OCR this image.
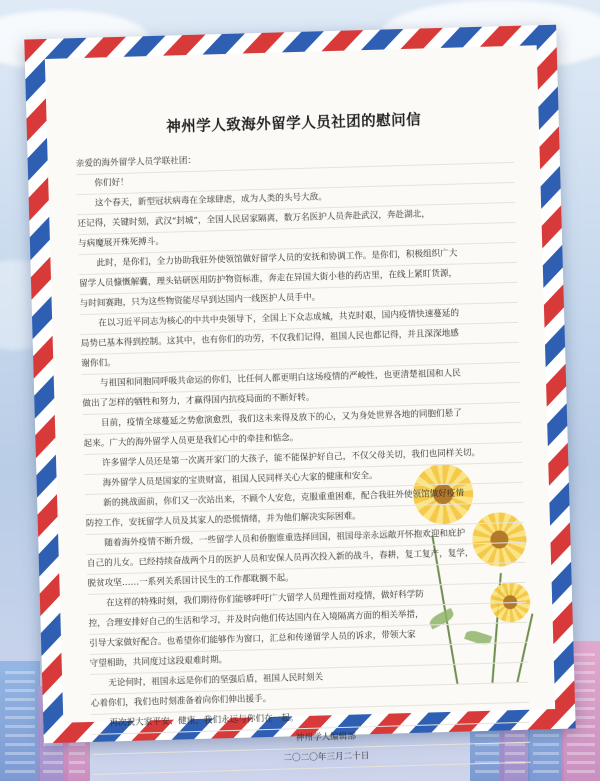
神州学人致海外留学人员社团的慰问信
亲爱的海外留学人员学联社团：
你们好！
这个春天，新型冠状病毒在全球肆虐，成为人类的头号大敌。
还记得，关键时刻，武汉“封城”，全国人民居家隔离，数万名医护人员奔赴武汉，奔赴湖北，
与病魔展开殊死搏斗。
此时，是你们，全力协助我驻外使领馆做好留学人员的安抚和协调工作。是你们，积极组织广大
留学人员慷慨解囊，理头钻研医用防护物资标准，奔走在异国大街小巷的药店里，在线上紧盯货源，
与时间赛跑，只为这些物资能尽早到达国内一线医护人员手中。
在以习近平同志为核心的中共中央领导下，全国上下众志成城，共克时艰，国内疫情快速蔓延的
局势已基本得到控制。这其中，也有你们的功劳，不仅我们记得，祖国人民也都记得，并且深深地感
谢你们。
与祖国和同胞同呼吸共命运的你们，比任何人都更明白这场疫情的严峻性，也更清楚祖国和人民
做出了怎样的牺牲和努力，才赢得国内抗疫局面的不断好转。
目前，疫情全球蔓延之势愈演愈烈，我们这未来得及放下的心，又为身处世界各地的同胞们悬了
起来。广大的海外留学人员更是我们心中的牵挂和惦念。
许多留学人员还是第一次离开家门的大孩子，能不能保护好自己，不仅父母关切，我们也同样关切。
海外留学人员是国家的宝贵财富，祖国人民同样关心大家的健康和安全。
新的挑战面前，你们又一次站出来，不顾个人安危，克服重重困难，配合我驻外使领馆做好疫情
防控工作，安抚留学人员及其家人的恐慌情绪，并为他们解决实际困难。
随着海外疫情不断升级，一些留学人员和侨胞谁重选择回国，祖国母亲永远敞开怀抱欢迎和庇护
自己的儿女。已经持续奋战两个月的医护人员和安保人员再次投入新的战斗，春耕，复工复产，复学，
脱贫攻坚……一系列关系国计民生的工作都耽搁不起。
在这样的特殊时刻，我们期待你们能够呼吁广大留学人员理性面对疫情，做好科学防
控，合理安排好自己的生活和学习，并及时向他们传达国内在入境隔离方面的相关举措，
引导大家做好配合。也希望你们能够作为窗口，汇总和传递留学人员的诉求，带领大家
守望相助，共同度过这段艰难时期。
无论何时，祖国永远是你们的坚强后盾，祖国人民时刻关
心着你们，我们也时刻准备着向你们伸出援手。
再次祝大家平安、健康，我们永远与你们在一起。
神州学人编辑部
二〇二〇年三月二十日
